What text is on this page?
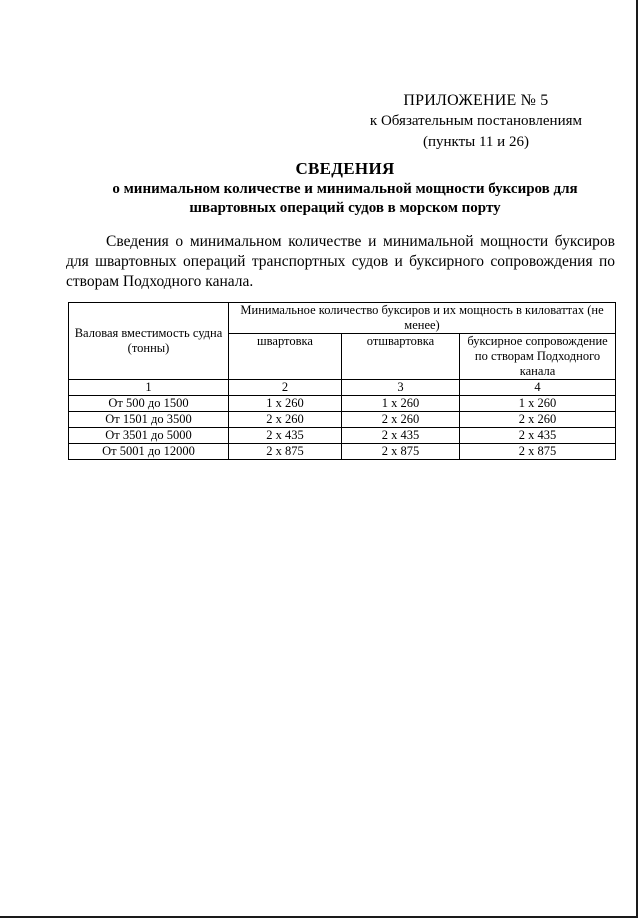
ПРИЛОЖЕНИЕ № 5
к Обязательным постановлениям
(пункты 11 и 26)
СВЕДЕНИЯ
о минимальном количестве и минимальной мощности буксиров для
швартовных операций судов в морском порту
Сведения о минимальном количестве и минимальной мощности буксиров для швартовных операций транспортных судов и буксирного сопровождения по створам Подходного канала.
Валовая вместимость судна (тонны)	Минимальное количество буксиров и их мощность в киловаттах (не менее)		
	швартовка	отшвартовка	буксирное сопровождение по створам Подходного канала
1	2	3	4
От 500 до 1500	1 х 260	1 х 260	1 х 260
От 1501 до 3500	2 х 260	2 х 260	2 х 260
От 3501 до 5000	2 х 435	2 х 435	2 х 435
От 5001 до 12000	2 х 875	2 х 875	2 х 875
